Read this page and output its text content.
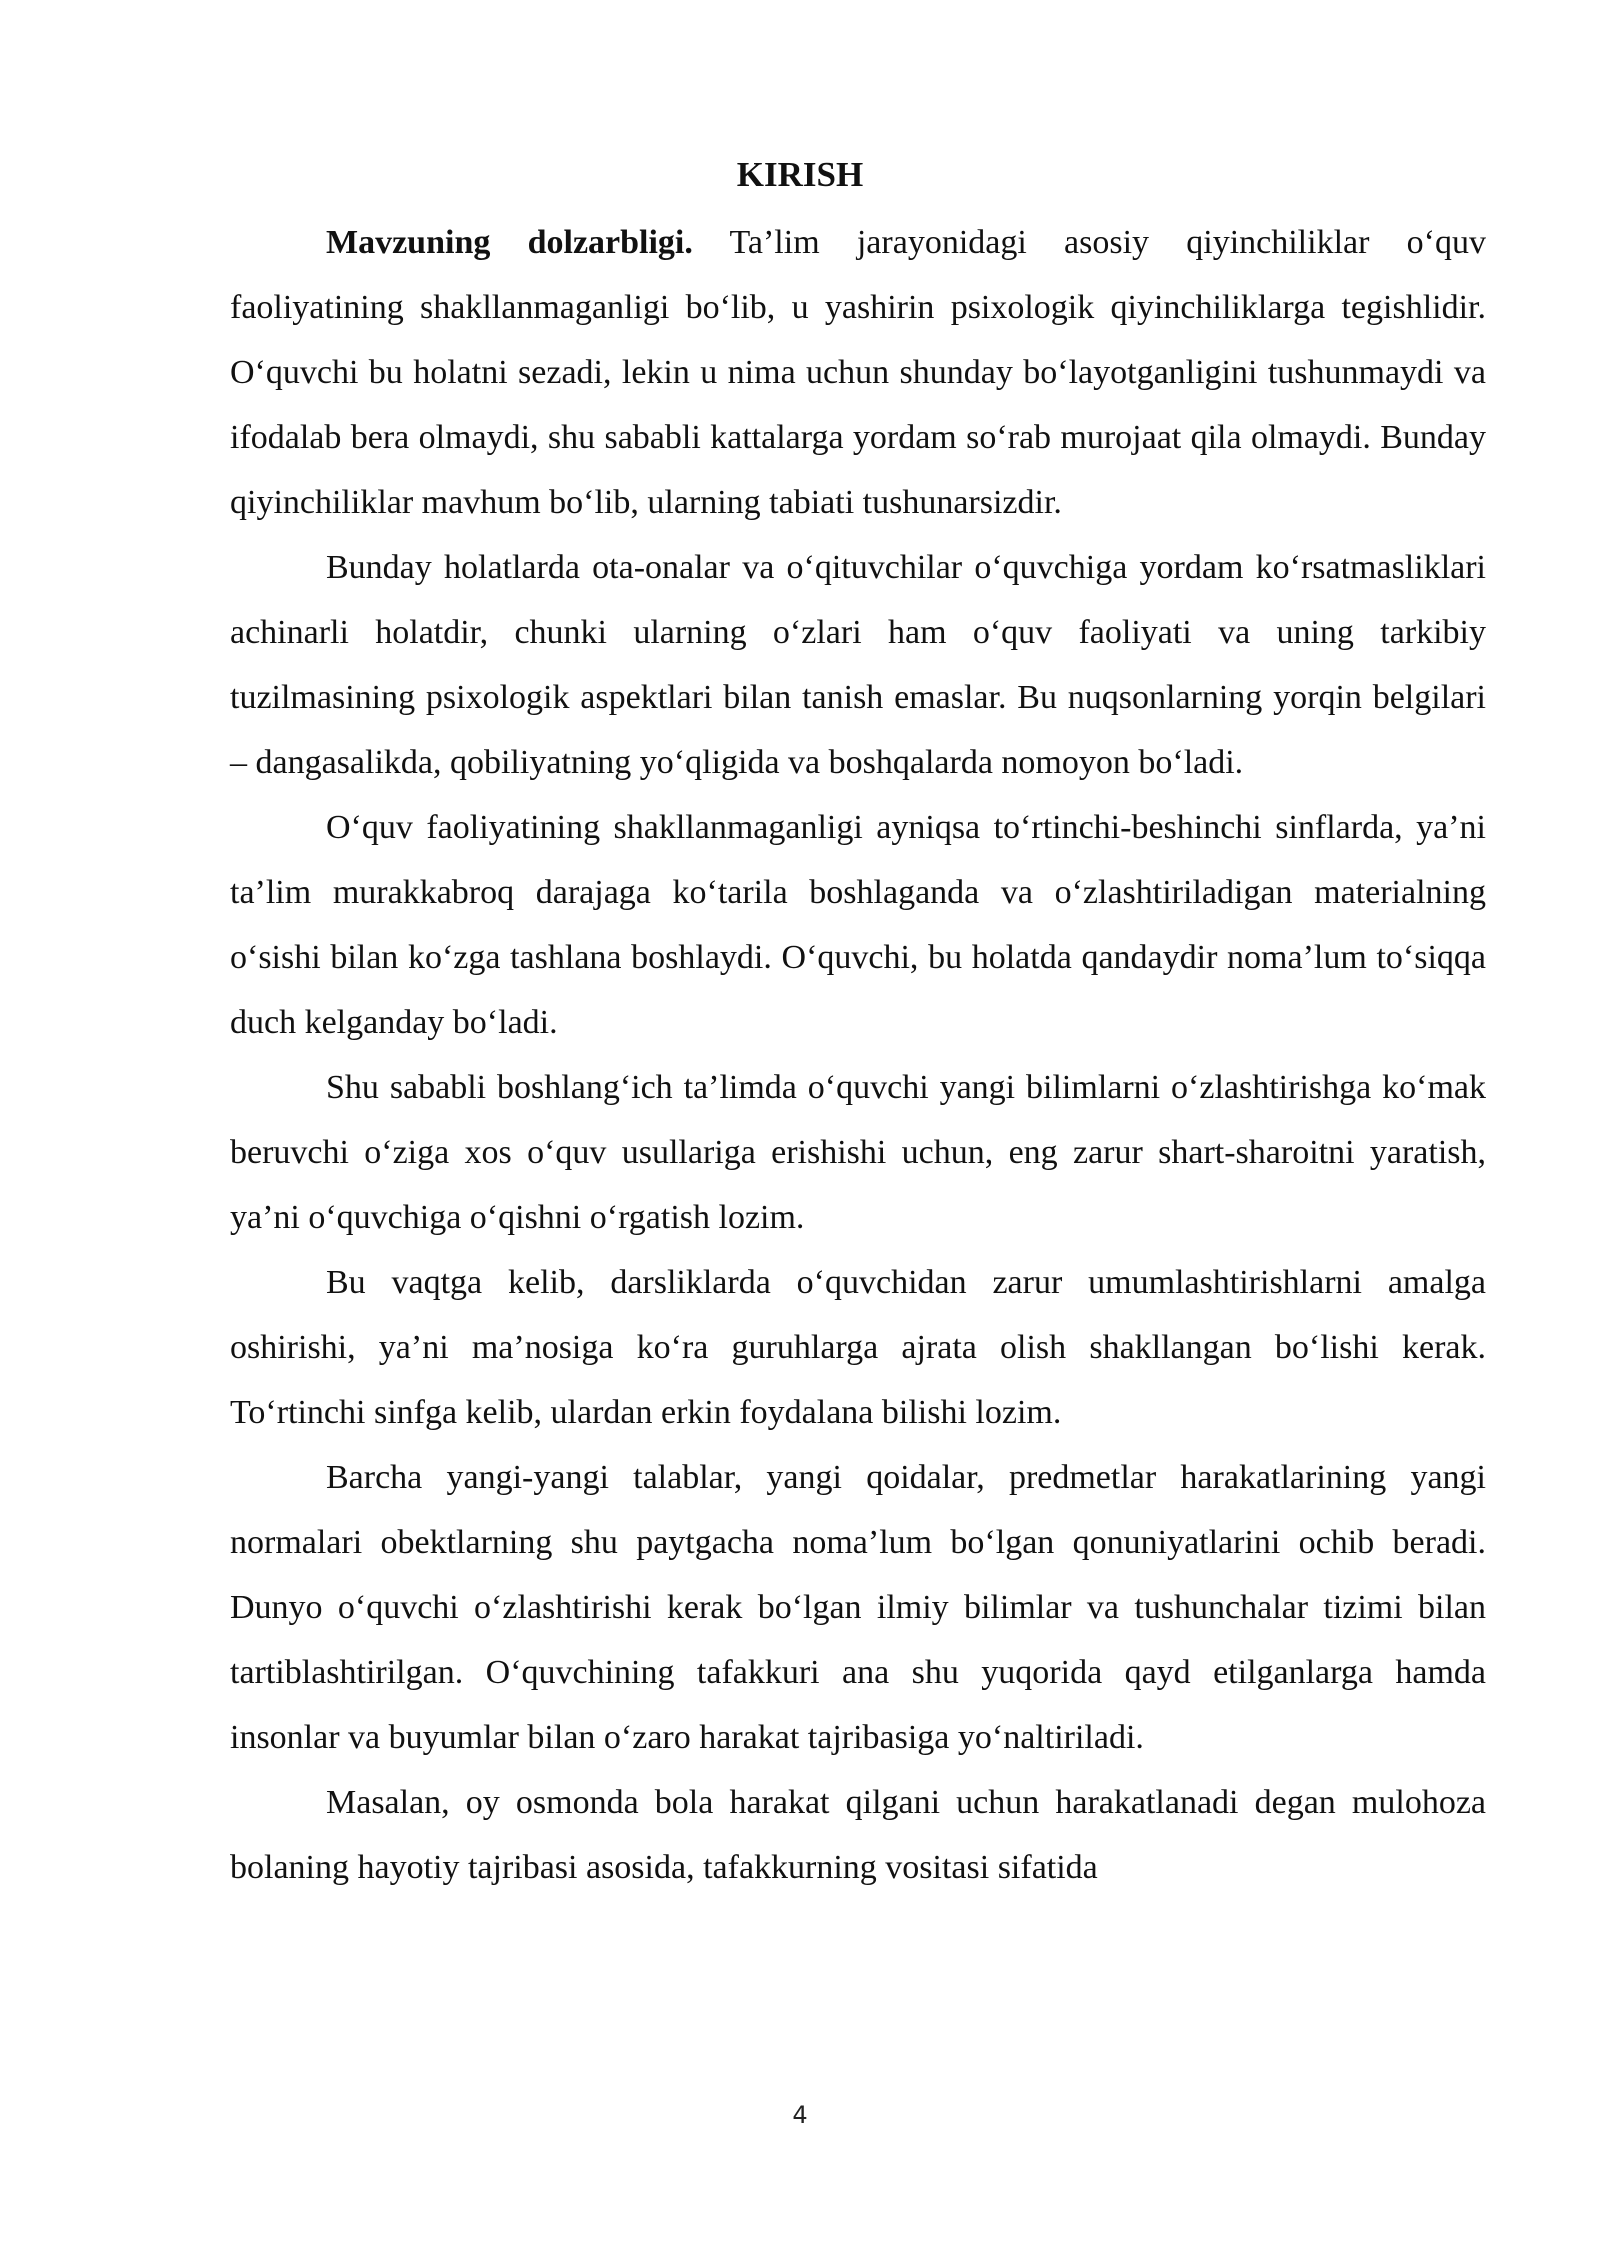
KIRISH

Mavzuning dolzarbligi. Ta’lim jarayonidagi asosiy qiyinchiliklar o‘quv faoliyatining shakllanmaganligi bo‘lib, u yashirin psixologik qiyinchiliklarga tegishlidir. O‘quvchi bu holatni sezadi, lekin u nima uchun shunday bo‘layotganligini tushunmaydi va ifodalab bera olmaydi, shu sababli kattalarga yordam so‘rab murojaat qila olmaydi. Bunday qiyinchiliklar mavhum bo‘lib, ularning tabiati tushunarsizdir.

Bunday holatlarda ota-onalar va o‘qituvchilar o‘quvchiga yordam ko‘rsatmasliklari achinarli holatdir, chunki ularning o‘zlari ham o‘quv faoliyati va uning tarkibiy tuzilmasining psixologik aspektlari bilan tanish emaslar. Bu nuqsonlarning yorqin belgilari – dangasalikda, qobiliyatning yo‘qligida va boshqalarda nomoyon bo‘ladi.

O‘quv faoliyatining shakllanmaganligi ayniqsa to‘rtinchi-beshinchi sinflarda, ya’ni ta’lim murakkabroq darajaga ko‘tarila boshlaganda va o‘zlashtiriladigan materialning o‘sishi bilan ko‘zga tashlana boshlaydi. O‘quvchi, bu holatda qandaydir noma’lum to‘siqqa duch kelganday bo‘ladi.

Shu sababli boshlang‘ich ta’limda o‘quvchi yangi bilimlarni o‘zlashtirishga ko‘mak beruvchi o‘ziga xos o‘quv usullariga erishishi uchun, eng zarur shart-sharoitni yaratish, ya’ni o‘quvchiga o‘qishni o‘rgatish lozim.

Bu vaqtga kelib, darsliklarda o‘quvchidan zarur umumlashtirishlarni amalga oshirishi, ya’ni ma’nosiga ko‘ra guruhlarga ajrata olish shakllangan bo‘lishi kerak. To‘rtinchi sinfga kelib, ulardan erkin foydalana bilishi lozim.

Barcha yangi-yangi talablar, yangi qoidalar, predmetlar harakatlarining yangi normalari obektlarning shu paytgacha noma’lum bo‘lgan qonuniyatlarini ochib beradi. Dunyo o‘quvchi o‘zlashtirishi kerak bo‘lgan ilmiy bilimlar va tushunchalar tizimi bilan tartiblashtirilgan. O‘quvchining tafakkuri ana shu yuqorida qayd etilganlarga hamda insonlar va buyumlar bilan o‘zaro harakat tajribasiga yo‘naltiriladi.

Masalan, oy osmonda bola harakat qilgani uchun harakatlanadi degan mulohoza bolaning hayotiy tajribasi asosida, tafakkurning vositasi sifatida

4
